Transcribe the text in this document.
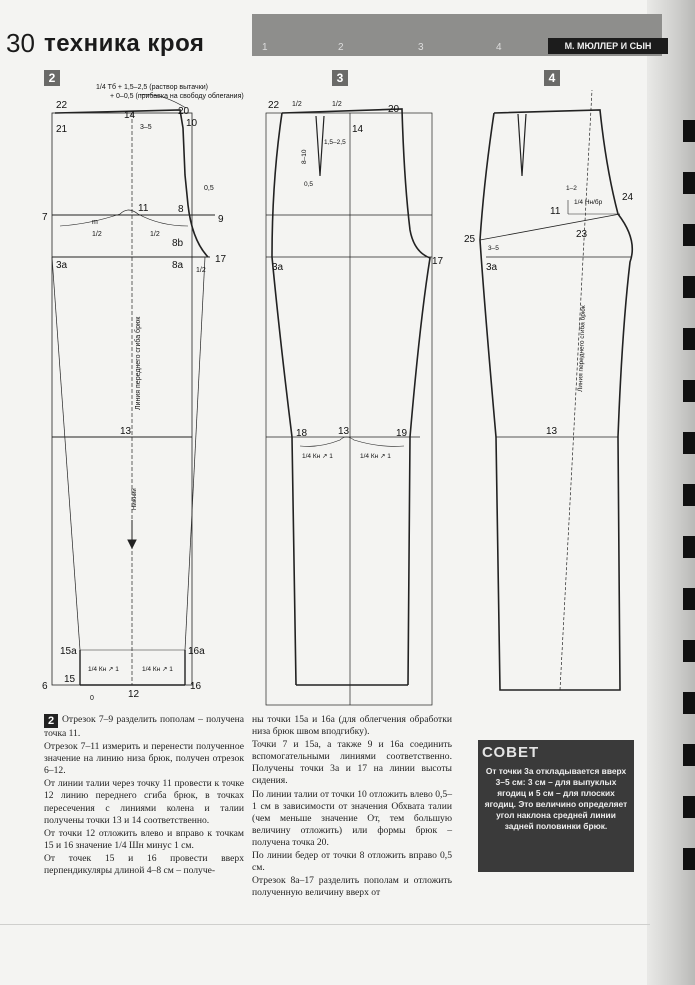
1	2	3	4	М. МЮЛЛЕР И СЫН
30 техника кроя
2	3	4
1/4 Тб + 1,5–2,5 (раствор вытачки)
+ 0–0,5 (прибавка на свободу облегания)
22
21
14
3–5
20
10
0,5
7
11	8
9
m
1/2	1/2
8b
3a	8a
17
1/2
13
Линия переднего сгиба брюк
Нижний
15a	16a
1/4 Кн ↗ 1	1/4 Кн ↗ 1
6
15
12
16
0
22 1/2	1/2	20
14
1,5–2,5
8–10
0,5
3a
17
18	13	19
1/4 Кн ↗ 1	1/4 Кн ↗ 1
1–2
1/4 Нн/бр 24
11
23
25
3–5
3a
13
Линия переднего сгиба брюк

2 Отрезок 7–9 разделить пополам – получена точка 11.

Отрезок 7–11 измерить и перенести полученное значение на линию низа брюк, получен отрезок 6–12.

От линии талии через точку 11 провести к точке 12 линию переднего сгиба брюк, в точках пересечения с линиями колена и талии получены точки 13 и 14 соответственно.

От точки 12 отложить влево и вправо к точкам 15 и 16 значение 1/4 Шн минус 1 см.

От точек 15 и 16 провести вверх перпендикуляры длиной 4–8 см – получе-

ны точки 15а и 16а (для облегчения обработки низа брюк швом вподгибку).

Точки 7 и 15а, а также 9 и 16а соединить вспомогательными линиями соответственно. Получены точки 3а и 17 на линии высоты сидения.

По линии талии от точки 10 отложить влево 0,5–1 см в зависимости от значения Обхвата талии (чем меньше значение От, тем большую величину отложить) или формы брюк – получена точка 20.

По линии бедер от точки 8 отложить вправо 0,5 см.

Отрезок 8а–17 разделить пополам и отложить полученную величину вверх от

СОВЕТ
От точки 3а откладывается вверх 3–5 см: 3 см – для выпуклых ягодиц и 5 см – для плоских ягодиц. Это величино определяет угол наклона средней линии задней половинки брюк.
